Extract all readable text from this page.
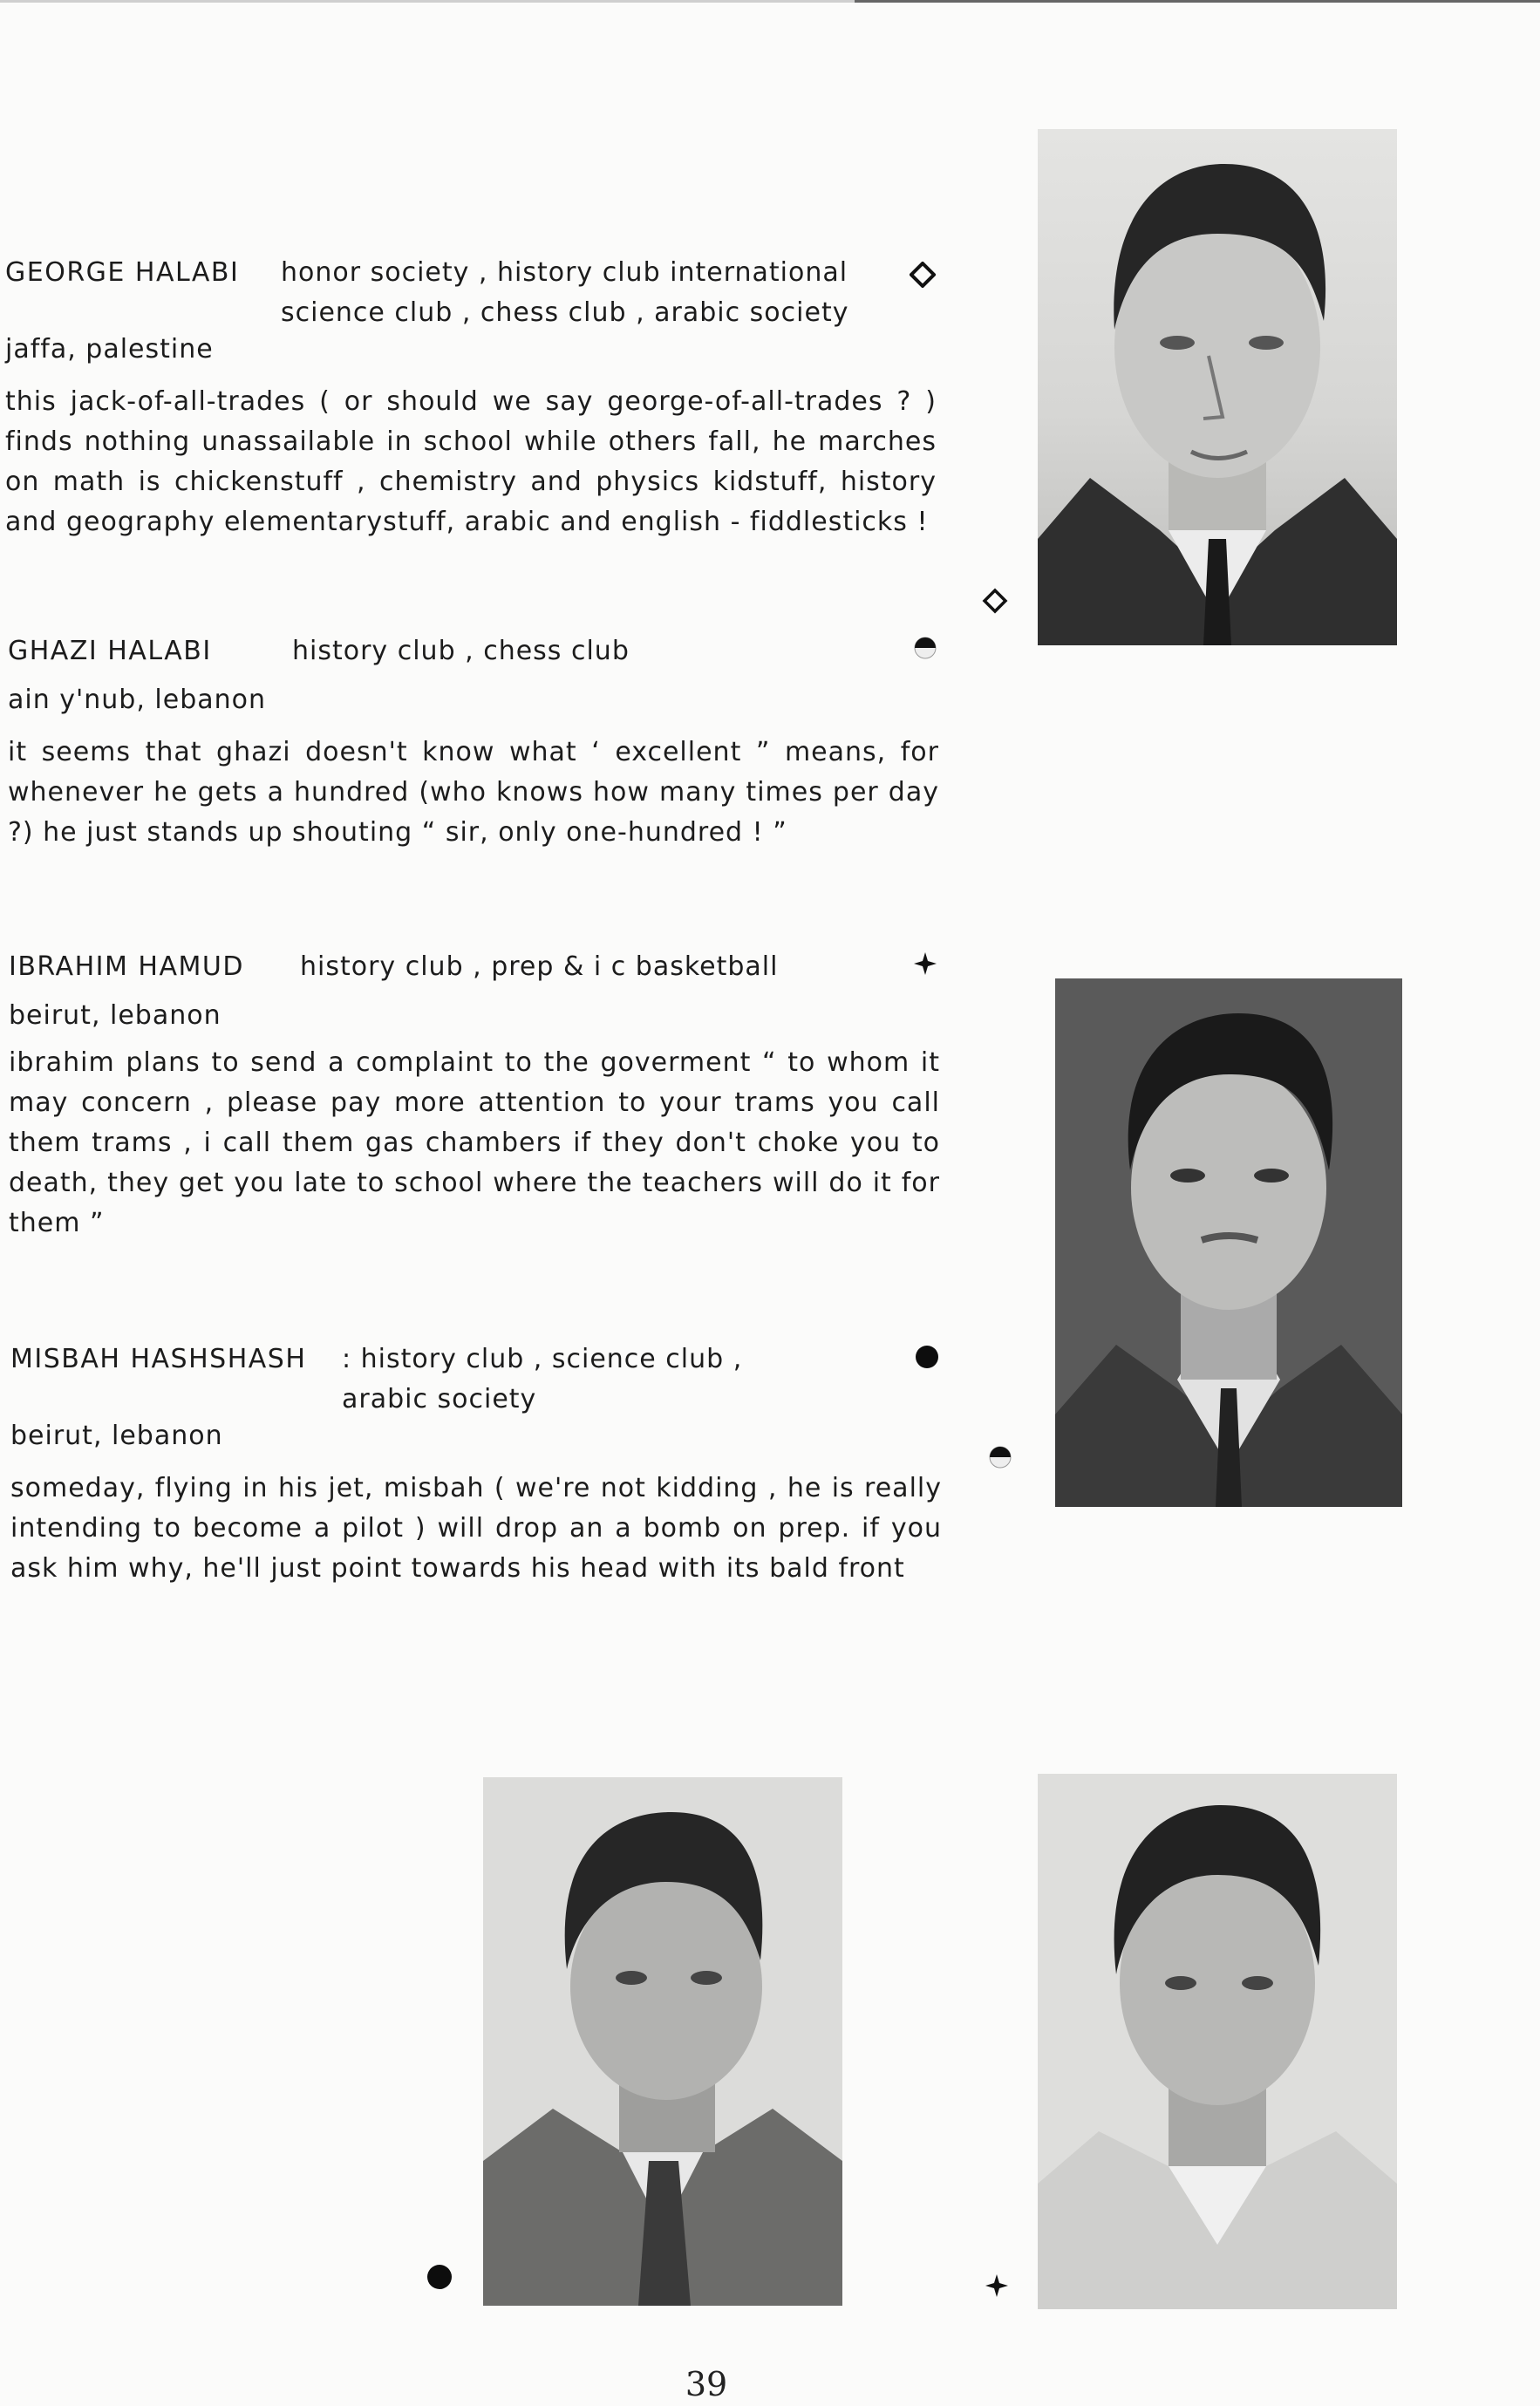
GEORGE HALABI honor society , history club international
science club , chess club , arabic society
jaffa, palestine
this jack-of-all-trades ( or should we say george-of-all-trades ? ) finds nothing unassailable in school while others fall, he marches on math is chickenstuff , chemistry and physics kidstuff, history and geography elementarystuff, arabic and english - fiddlesticks !
GHAZI HALABI	history club , chess club
ain y'nub, lebanon
it seems that ghazi doesn't know what ‘ excellent ” means, for whenever he gets a hundred (who knows how many times per day ?) he just stands up shouting “ sir, only one-hundred ! ”
IBRAHIM HAMUD history club , prep & i c basketball
beirut, lebanon
ibrahim plans to send a complaint to the goverment “ to whom it may concern , please pay more attention to your trams you call them trams , i call them gas chambers if they don't choke you to death, they get you late to school where the teachers will do it for them ”
MISBAH HASHSHASH : history club , science club ,
arabic society
beirut, lebanon
someday, flying in his jet, misbah ( we're not kidding , he is really intending to become a pilot ) will drop an a bomb on prep. if you ask him why, he'll just point towards his head with its bald front
39
